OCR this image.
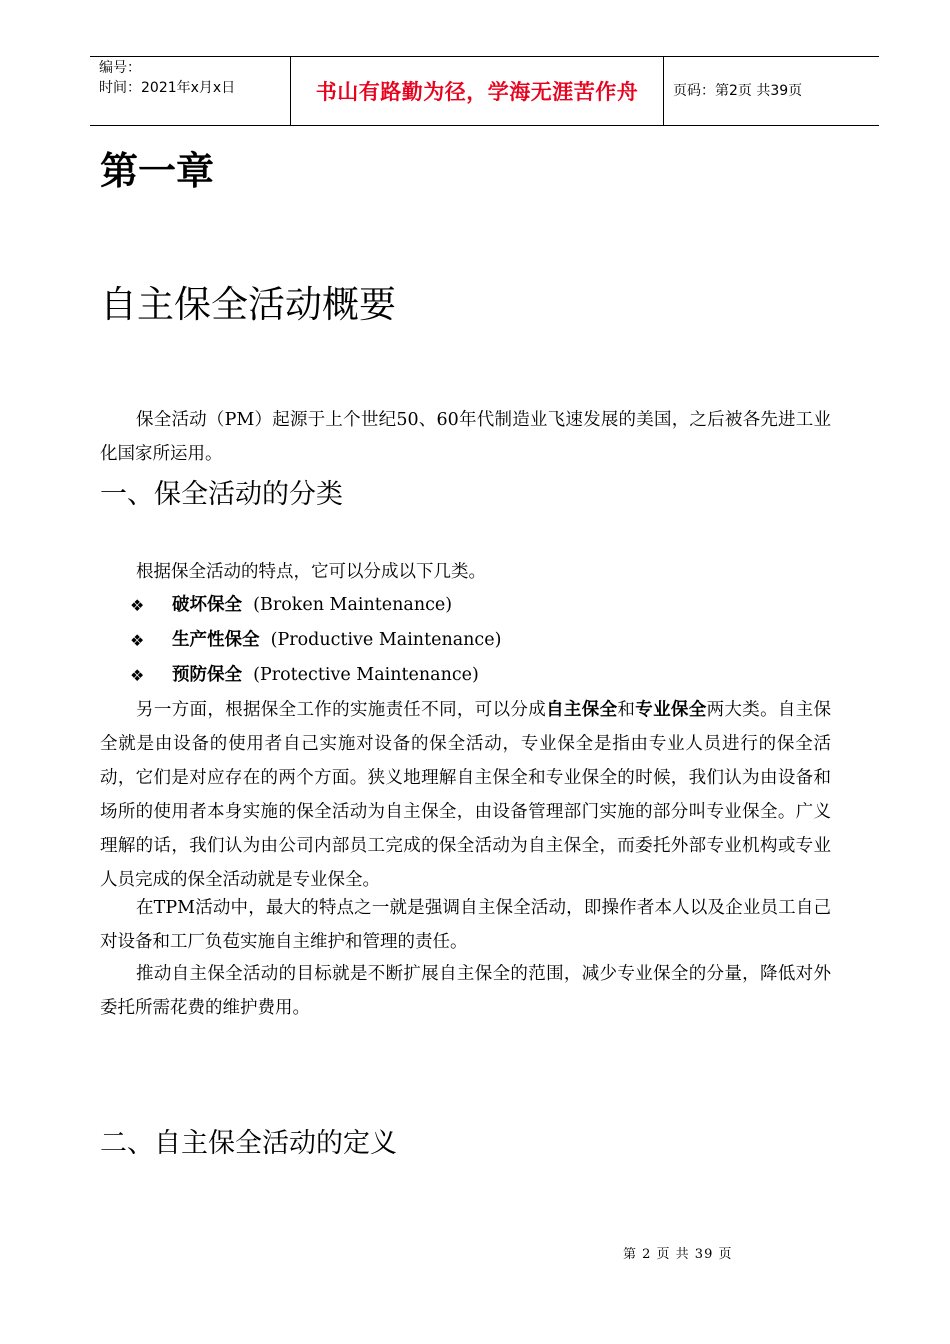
编号：
时间：2021年x月x日	书山有路勤为径，学海无涯苦作舟 页码：第2页 共39页
第一章
自主保全活动概要
保全活动（PM）起源于上个世纪50、60年代制造业飞速发展的美国，之后被各先进工业化国家所运用。
一、保全活动的分类
根据保全活动的特点，它可以分成以下几类。
❖ 破坏保全 (Broken Maintenance)
❖ 生产性保全 (Productive Maintenance)
❖ 预防保全 (Protective Maintenance)
另一方面，根据保全工作的实施责任不同，可以分成自主保全和专业保全两大类。自主保全就是由设备的使用者自己实施对设备的保全活动，专业保全是指由专业人员进行的保全活动，它们是对应存在的两个方面。狭义地理解自主保全和专业保全的时候，我们认为由设备和场所的使用者本身实施的保全活动为自主保全，由设备管理部门实施的部分叫专业保全。广义理解的话，我们认为由公司内部员工完成的保全活动为自主保全，而委托外部专业机构或专业人员完成的保全活动就是专业保全。
在TPM活动中，最大的特点之一就是强调自主保全活动，即操作者本人以及企业员工自己对设备和工厂负苞实施自主维护和管理的责任。
推动自主保全活动的目标就是不断扩展自主保全的范围，减少专业保全的分量，降低对外委托所需花费的维护费用。
二、自主保全活动的定义
第 2 页 共 39 页
